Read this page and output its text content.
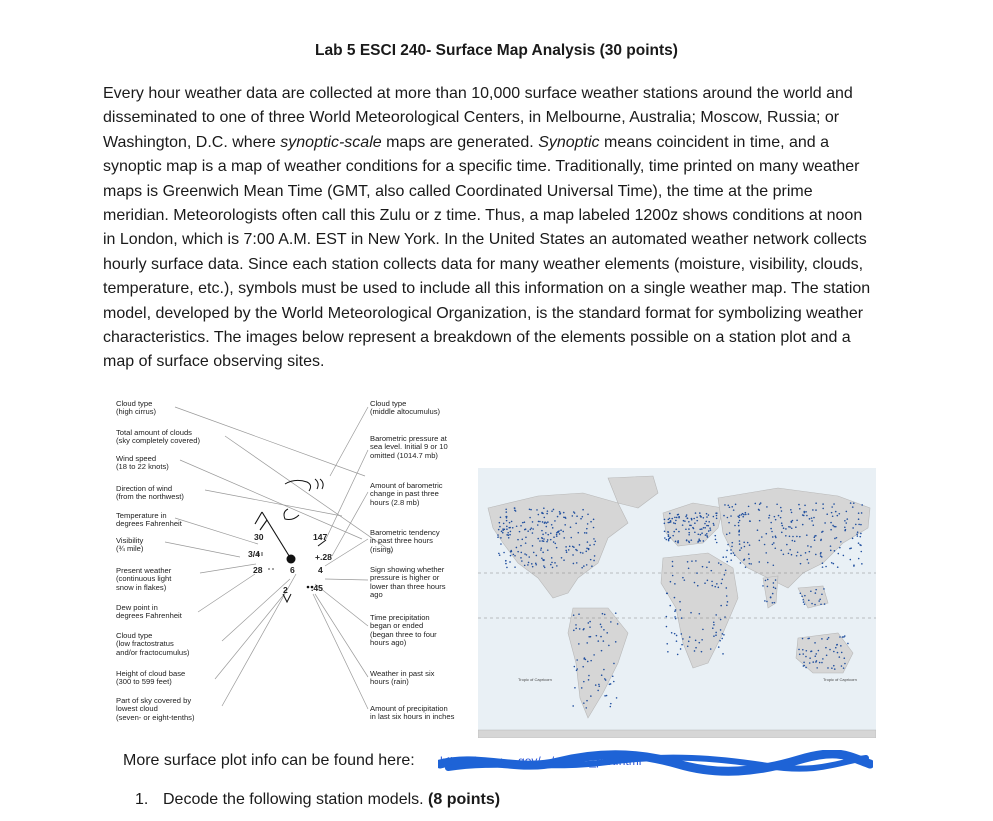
Lab 5 ESCI 240- Surface Map Analysis (30 points)

Every hour weather data are collected at more than 10,000 surface weather stations around the world and disseminated to one of three World Meteorological Centers, in Melbourne, Australia; Moscow, Russia; or Washington, D.C. where synoptic-scale maps are generated. Synoptic means coincident in time, and a synoptic map is a map of weather conditions for a specific time. Traditionally, time printed on many weather maps is Greenwich Mean Time (GMT, also called Coordinated Universal Time), the time at the prime meridian. Meteorologists often call this Zulu or z time. Thus, a map labeled 1200z shows conditions at noon in London, which is 7:00 A.M. EST in New York. In the United States an automated weather network collects hourly surface data. Since each station collects data for many weather elements (moisture, visibility, clouds, temperature, etc.), symbols must be used to include all this information on a single weather map. The station model, developed by the World Meteorological Organization, is the standard format for symbolizing weather characteristics. The images below represent a breakdown of the elements possible on a station plot and a map of surface observing sites.

Cloud type
(high cirrus)
Total amount of clouds
(sky completely covered)
Wind speed
(18 to 22 knots)
Direction of wind
(from the northwest)
Temperature in
degrees Fahrenheit
Visibility
(¾ mile)
Present weather
(continuous light
snow in flakes)
Dew point in
degrees Fahrenheit
Cloud type
(low fractostratus
and/or fractocumulus)
Height of cloud base
(300 to 599 feet)
Part of sky covered by
lowest cloud
(seven- or eight-tenths)
Cloud type
(middle altocumulus)
Barometric pressure at
sea level. Initial 9 or 10
omitted (1014.7 mb)
Amount of barometric
change in past three
hours (2.8 mb)
Barometric tendency
in past three hours
(rising)
Sign showing whether
pressure is higher or
lower than three hours
ago
Time precipitation
began or ended
(began three to four
hours ago)
Weather in past six
hours (rain)
Amount of precipitation
in last six hours in inches
30
3/4
147
+.28
28	6
2
4
.45
Tropic of Capricorn	Tropic of Capricorn
More surface plot info can be found here: https://www.....gov/.../station_plot.html
1. Decode the following station models. (8 points)
